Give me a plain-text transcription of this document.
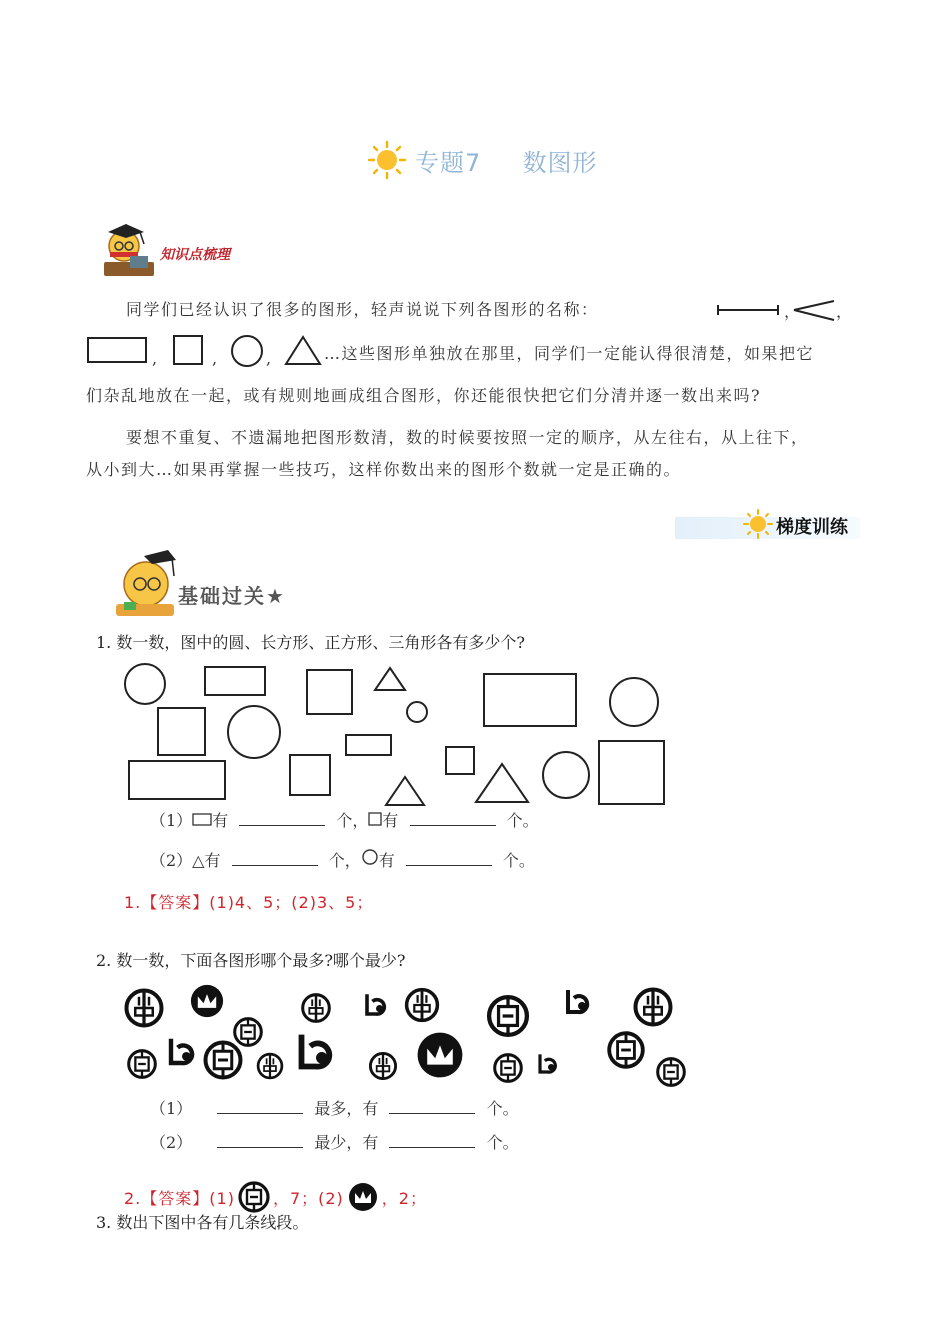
专题7 数图形
知识点梳理
同学们已经认识了很多的图形，轻声说说下列各图形的名称：	， ，
,	,	,	…这些图形单独放在那里，同学们一定能认得很清楚，如果把它
们杂乱地放在一起，或有规则地画成组合图形，你还能很快把它们分清并逐一数出来吗?
要想不重复、不遗漏地把图形数清，数的时候要按照一定的顺序，从左往右，从上往下，
从小到大…如果再掌握一些技巧，这样你数出来的图形个数就一定是正确的。
梯度训练
基础过关★
1. 数一数，图中的圆、长方形、正方形、三角形各有多少个?
（1） 有	个， 有	个。
（2）△有	个， 有	个。
1.【答案】(1)4、5；(2)3、5；
2. 数一数，下面各图形哪个最多?哪个最少?
（1）	最多，有	个。
（2）	最少，有	个。
2.【答案】(1) ，7；(2) ，2；
3. 数出下图中各有几条线段。
